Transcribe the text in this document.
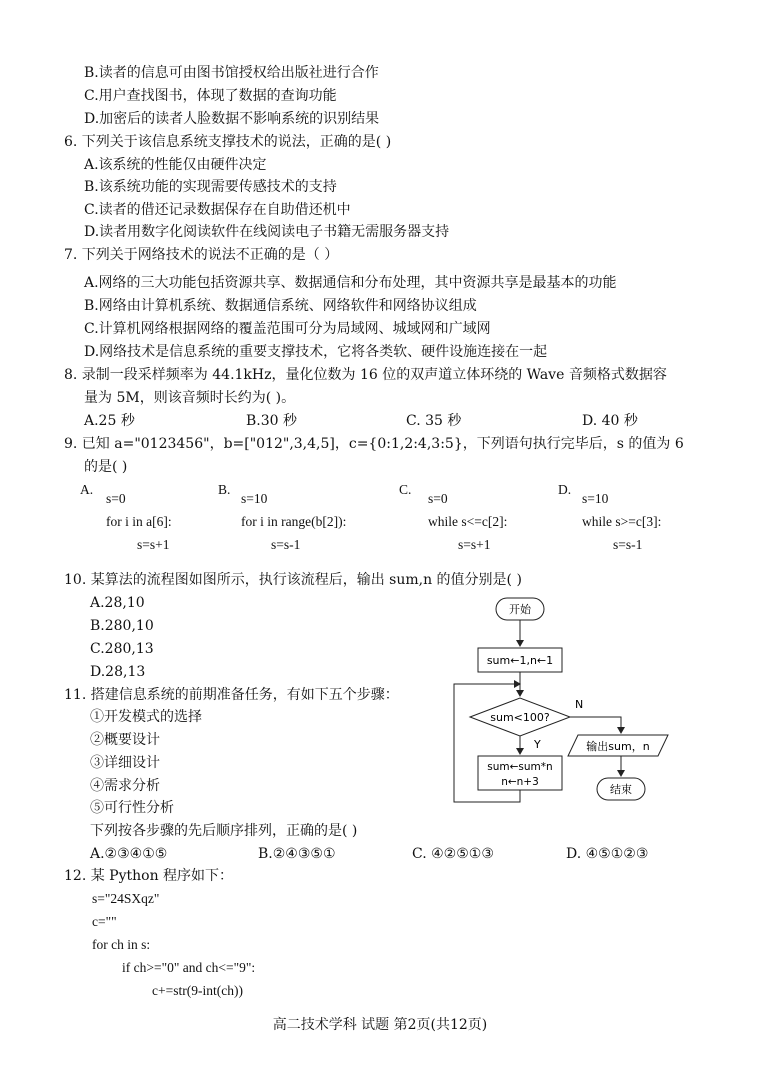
B.读者的信息可由图书馆授权给出版社进行合作
C.用户查找图书，体现了数据的查询功能
D.加密后的读者人脸数据不影响系统的识别结果
6. 下列关于该信息系统支撑技术的说法，正确的是( )
A.该系统的性能仅由硬件决定
B.该系统功能的实现需要传感技术的支持
C.读者的借还记录数据保存在自助借还机中
D.读者用数字化阅读软件在线阅读电子书籍无需服务器支持
7. 下列关于网络技术的说法不正确的是（ ）
A.网络的三大功能包括资源共享、数据通信和分布处理，其中资源共享是最基本的功能
B.网络由计算机系统、数据通信系统、网络软件和网络协议组成
C.计算机网络根据网络的覆盖范围可分为局域网、城域网和广域网
D.网络技术是信息系统的重要支撑技术，它将各类软、硬件设施连接在一起
8. 录制一段采样频率为 44.1kHz，量化位数为 16 位的双声道立体环绕的 Wave 音频格式数据容
量为 5M，则该音频时长约为( )。
A.25 秒	B.30 秒	C. 35 秒	D. 40 秒
9. 已知 a="0123456"，b=["012",3,4,5]，c={0:1,2:4,3:5}，下列语句执行完毕后，s 的值为 6
的是( )
A.
s=0
for i in a[6]:
s=s+1
B.
s=10
for i in range(b[2]):
s=s-1
C.
s=0
while s<=c[2]:
s=s+1
D.
s=10
while s>=c[3]:
s=s-1
10. 某算法的流程图如图所示，执行该流程后，输出 sum,n 的值分别是( )
A.28,10
B.280,10
C.280,13
D.28,13
开始
sum←1,n←1
sum<100?
N
输出sum，n
结束
Y
sum←sum*n
n←n+3
11. 搭建信息系统的前期准备任务，有如下五个步骤：
①开发模式的选择
②概要设计
③详细设计
④需求分析
⑤可行性分析
下列按各步骤的先后顺序排列，正确的是( )
A.②③④①⑤	B.②④③⑤①	C. ④②⑤①③	D. ④⑤①②③
12. 某 Python 程序如下：
s="24SXqz"
c=""
for ch in s:
if ch>="0" and ch<="9":
c+=str(9-int(ch))
高二技术学科 试题 第2页(共12页)
